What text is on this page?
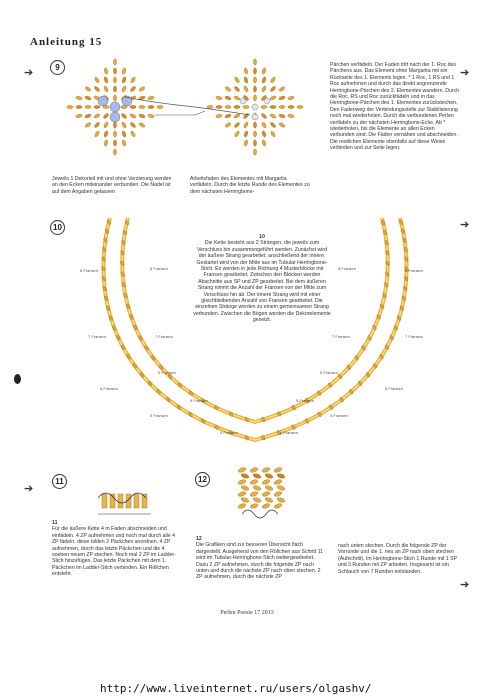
Anleitung 15
➔	➔
➔
➔
➔
9	Pärchen verfädeln. Der Faden tritt nach der 1. Roc des Pärchens aus. Das Element ohne Margarita mit ein Rückseite des 1. Elements legen. * 1 Roc, 1 RS und 1 Roc aufnehmen und durch das direkt angrenzende Herringbone-Pärchen des 2. Elementes wandern. Durch die Roc, RS und Roc zurückfädeln und in das Herringbone-Pärchen des 1. Elementes zurückstechen. Den Fadenweg der Verbindungsstelle zur Stabilisierung noch mal wiederholen. Durch die verbundenen Perlen verfädeln zu der nächsten Herringbone-Ecke. Ab * wiederholen, bis die Elemente an allen Ecken verbunden sind. Die Fäden vernähen und abschneiden. Die restlichen Elemente ebenfalls auf diese Weise verbinden und zur Seite legen.
Jeweils 1 Dekorteil mit und ohne Verzierung werden an den Ecken miteinander verbunden. Die Nadel ist auf dem Angaben gelassen
Arbeitsfaden des Elementes mit Margarita verfädeln. Durch die letzte Runde des Elementes zu dem nächsten Herringbone-
10
8 Fransen	8 Fransen
8 Fransen	8 Fransen
7 Fransen	7 Fransen
7 Fransen	7 Fransen
6 Fransen	6 Fransen
6 Fransen	6 Fransen
5 Fransen	5 Fransen
5 Fransen	5 Fransen
4 Fransen	4 Fransen
10
Die Kette besteht aus 2 Strängen, die jeweils zum Verschluss hin zusammengeführt werden. Zunächst wird der äußere Strang gearbeitet, anschließend der innere. Gestartet wird von der Mitte aus im Tubular Herringbone-Stich. Es werden in jede Richtung 4 Musterblöcke mit Fransen gearbeitet. Zwischen den Blöcken werden Abschnitte aus SP und ZP gearbeitet. Bei dem äußeren Strang nimmt die Anzahl der Fransen von der Mitte zum Verschluss hin ab. Der innere Strang wird mit einer gleichbleibenden Anzahl von Fransen gearbeitet. Die einzelnen Stränge werden zu einem gemeinsamen Strang verbunden. Zwischen die Bögen werden die Dekorelemente gesetzt.
11
11
Für die äußere Kette 4 m Faden abschneiden und einfädeln. 4 ZP aufnehmen und noch mal durch alle 4 ZP fädeln, diese bilden 2 Päckchen anordnen. 4 ZP aufnehmen, durch das letzte Päckchen und die 4 soeben neuen ZP stechen. Noch mal 2 ZP im Ladder-Stich hinzufügen. Das letzte Päckchen mit dem 1. Päckchen im Ladder-Stich verbinden. Ein Röllchen entsteht.
12
12
Die Grafiken sind zur besseren Übersicht flach dargestellt. Ausgehend von den Röllchen aus Schritt 11 wird im Tubular-Herringbone-Stich weitergearbeitet. Dazu 2 ZP aufnehmen, durch die folgende ZP nach unten und durch die nächste ZP nach oben stechen. 2 ZP aufnehmen, durch die nächste ZP
nach unten stechen. Durch die folgende ZP der Vorrunde und die 1. neu an ZP nach oben stechen (Aufschritt). Im Herringbone-Stich 1 Runde mit 1 SP und 3 Runden mit ZP arbeiten. Insgesamt ist ein Schlauch von 7 Runden entstanden.
Perlen Poesie 17 2013
http://www.liveinternet.ru/users/olgashv/
